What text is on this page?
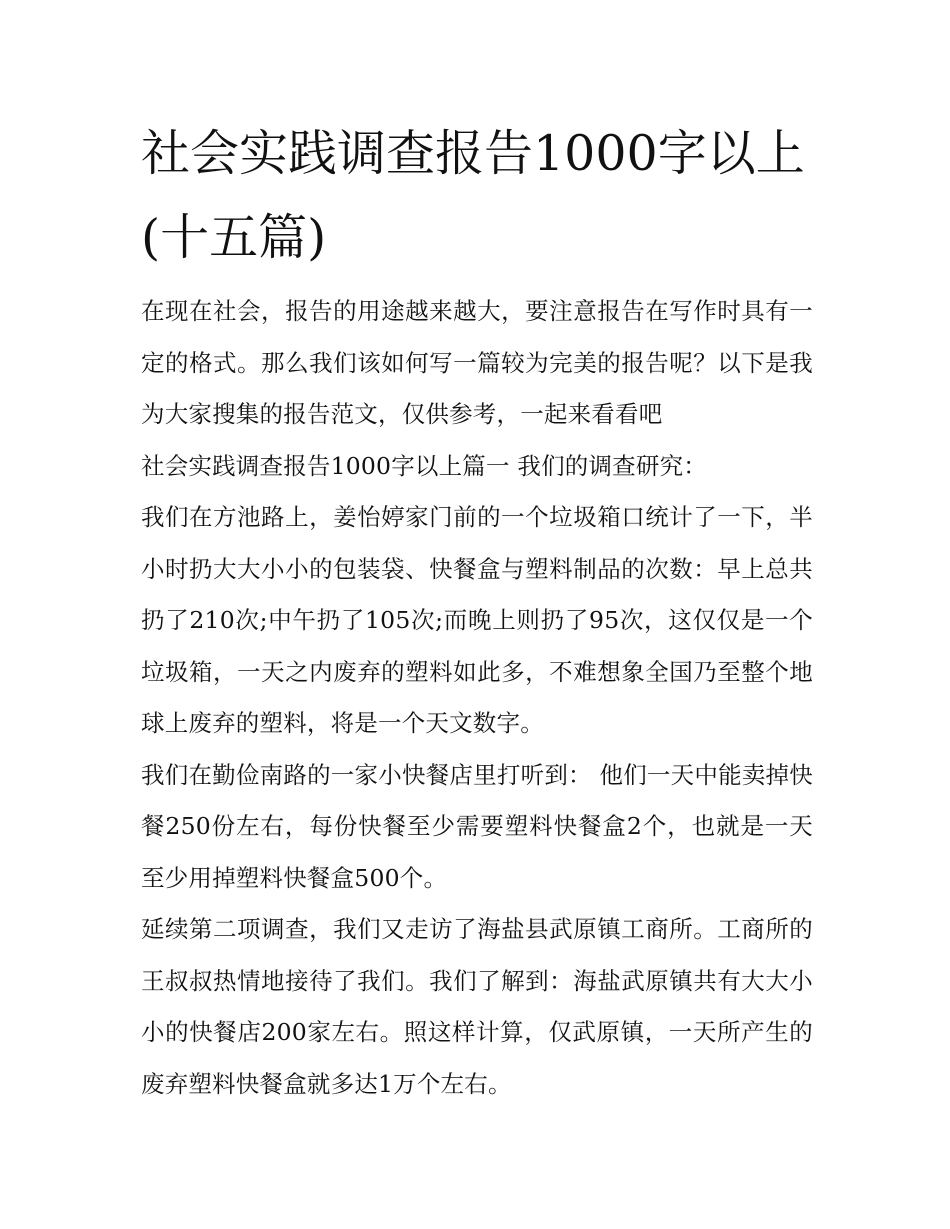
社会实践调查报告1000字以上(十五篇)

在现在社会，报告的用途越来越大，要注意报告在写作时具有一定的格式。那么我们该如何写一篇较为完美的报告呢？以下是我为大家搜集的报告范文，仅供参考，一起来看看吧

社会实践调查报告1000字以上篇一 我们的调查研究：

我们在方池路上，姜怡婷家门前的一个垃圾箱口统计了一下，半小时扔大大小小的包装袋、快餐盒与塑料制品的次数：早上总共扔了210次;中午扔了105次;而晚上则扔了95次，这仅仅是一个垃圾箱，一天之内废弃的塑料如此多，不难想象全国乃至整个地球上废弃的塑料，将是一个天文数字。

我们在勤俭南路的一家小快餐店里打听到： 他们一天中能卖掉快餐250份左右，每份快餐至少需要塑料快餐盒2个，也就是一天至少用掉塑料快餐盒500个。

延续第二项调查，我们又走访了海盐县武原镇工商所。工商所的王叔叔热情地接待了我们。我们了解到：海盐武原镇共有大大小小的快餐店200家左右。照这样计算，仅武原镇，一天所产生的废弃塑料快餐盒就多达1万个左右。
